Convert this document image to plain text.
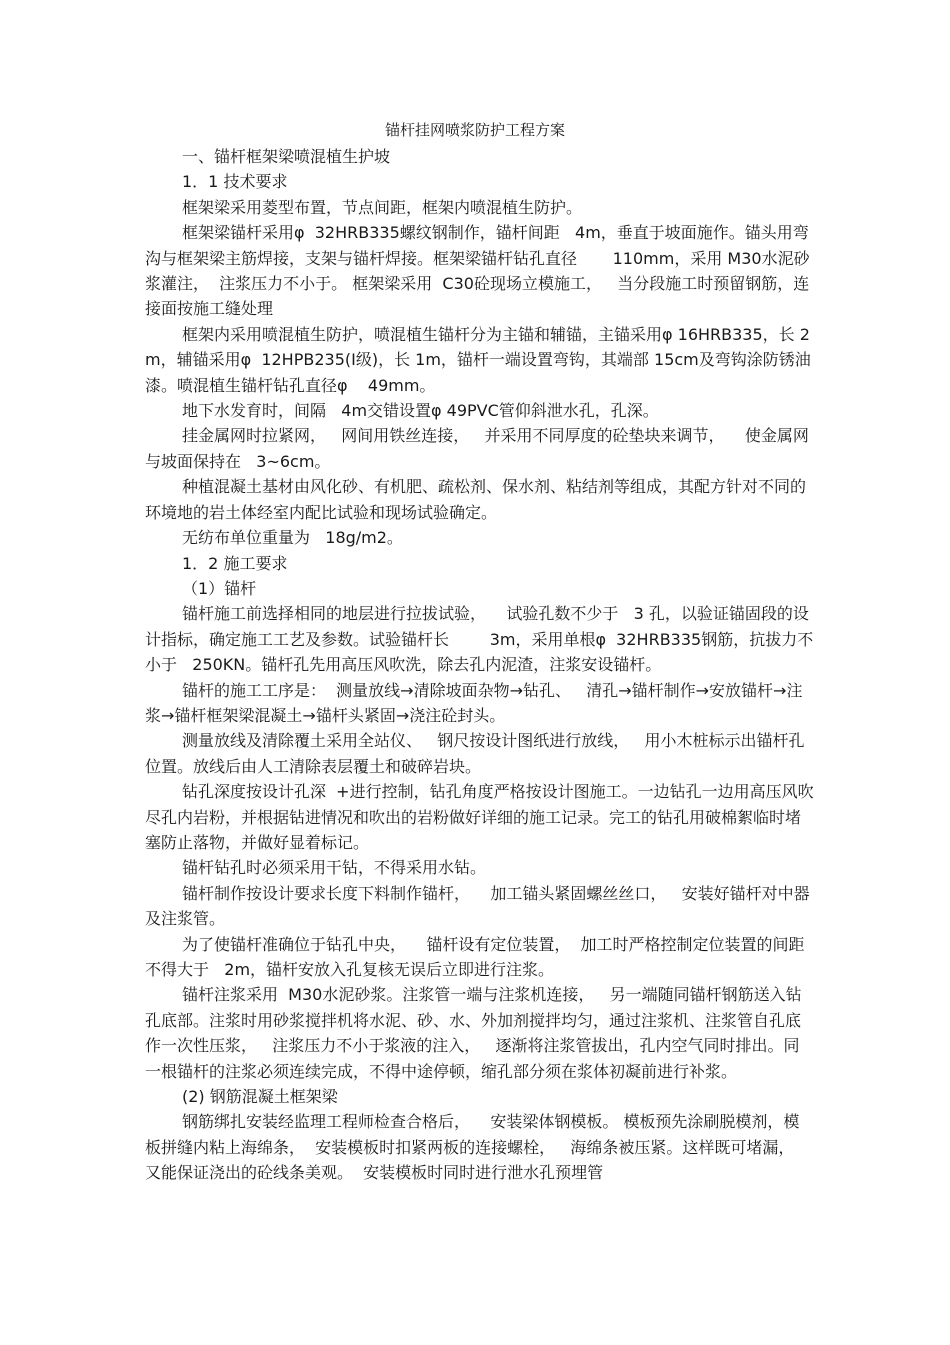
锚杆挂网喷浆防护工程方案

一、锚杆框架梁喷混植生护坡

1．1 技术要求

框架梁采用菱型布置，节点间距，框架内喷混植生防护。

框架梁锚杆采用φ  32HRB335螺纹钢制作，锚杆间距   4m，垂直于坡面施作。锚头用弯沟与框架梁主筋焊接，支架与锚杆焊接。框架梁锚杆钻孔直径       110mm，采用 M30水泥砂浆灌注，  注浆压力不小于。 框架梁采用  C30砼现场立模施工，   当分段施工时预留钢筋，连接面按施工缝处理

框架内采用喷混植生防护，喷混植生锚杆分为主锚和辅锚，主锚采用φ 16HRB335，长 2m，辅锚采用φ  12HPB235(Ⅰ级)，长 1m，锚杆一端设置弯钩，其端部 15cm及弯钩涂防锈油漆。喷混植生锚杆钻孔直径φ    49mm。

地下水发育时，间隔   4m交错设置φ 49PVC管仰斜泄水孔，孔深。

挂金属网时拉紧网，   网间用铁丝连接，   并采用不同厚度的砼垫块来调节，    使金属网与坡面保持在   3~6cm。

种植混凝土基材由风化砂、有机肥、疏松剂、保水剂、粘结剂等组成，其配方针对不同的环境地的岩土体经室内配比试验和现场试验确定。

无纺布单位重量为   18g/m2。

1．2 施工要求

（1）锚杆

锚杆施工前选择相同的地层进行拉拔试验，    试验孔数不少于   3 孔，以验证锚固段的设计指标，确定施工工艺及参数。试验锚杆长        3m，采用单根φ  32HRB335钢筋，抗拔力不小于   250KN。锚杆孔先用高压风吹洗，除去孔内泥渣，注浆安设锚杆。

锚杆的施工工序是：  测量放线→清除坡面杂物→钻孔、   清孔→锚杆制作→安放锚杆→注浆→锚杆框架梁混凝土→锚杆头紧固→浇注砼封头。

测量放线及清除覆土采用全站仪、   钢尺按设计图纸进行放线，   用小木桩标示出锚杆孔位置。放线后由人工清除表层覆土和破碎岩块。

钻孔深度按设计孔深  +进行控制，钻孔角度严格按设计图施工。一边钻孔一边用高压风吹尽孔内岩粉，并根据钻进情况和吹出的岩粉做好详细的施工记录。完工的钻孔用破棉絮临时堵塞防止落物，并做好显着标记。

锚杆钻孔时必须采用干钻，不得采用水钻。

锚杆制作按设计要求长度下料制作锚杆，    加工锚头紧固螺丝丝口，   安装好锚杆对中器及注浆管。

为了使锚杆准确位于钻孔中央，    锚杆设有定位装置，  加工时严格控制定位装置的间距不得大于   2m，锚杆安放入孔复核无误后立即进行注浆。

锚杆注浆采用  M30水泥砂浆。注浆管一端与注浆机连接，   另一端随同锚杆钢筋送入钻孔底部。注浆时用砂浆搅拌机将水泥、砂、水、外加剂搅拌均匀，通过注浆机、注浆管自孔底作一次性压浆，   注浆压力不小于浆液的注入，   逐渐将注浆管拔出，孔内空气同时排出。同一根锚杆的注浆必须连续完成，不得中途停顿，缩孔部分须在浆体初凝前进行补浆。

(2) 钢筋混凝土框架梁

钢筋绑扎安装经监理工程师检查合格后，    安装梁体钢模板。 模板预先涂刷脱模剂，模板拼缝内粘上海绵条，  安装模板时扣紧两板的连接螺栓，   海绵条被压紧。这样既可堵漏，  又能保证浇出的砼线条美观。  安装模板时同时进行泄水孔预埋管
